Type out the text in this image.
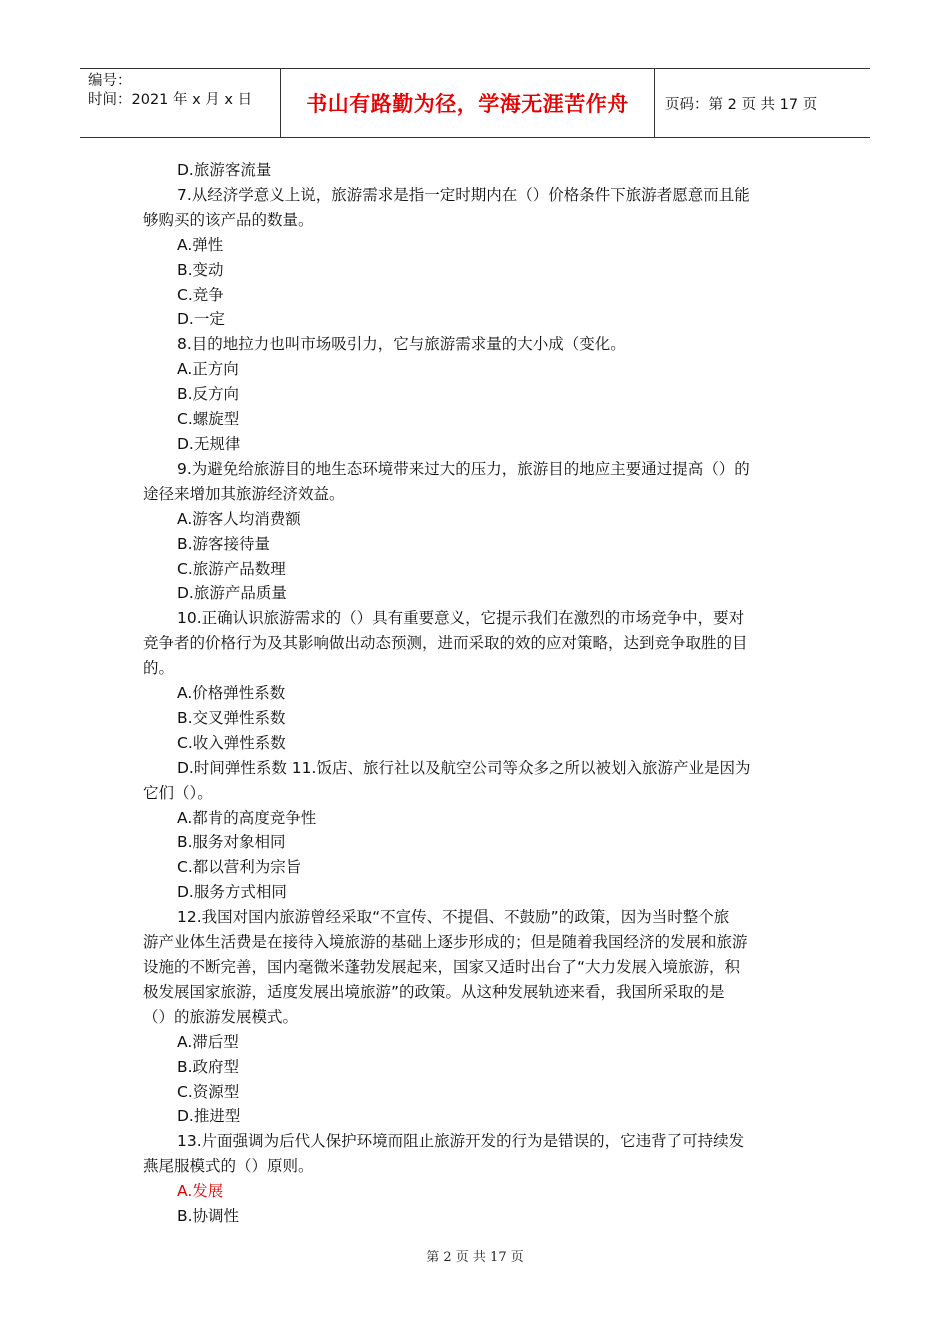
编号：
时间：2021 年 x 月 x 日	书山有路勤为径，学海无涯苦作舟	页码：第 2 页 共 17 页

D.旅游客流量

7.从经济学意义上说，旅游需求是指一定时期内在（）价格条件下旅游者愿意而且能

够购买的该产品的数量。

A.弹性

B.变动

C.竞争

D.一定

8.目的地拉力也叫市场吸引力，它与旅游需求量的大小成（变化。

A.正方向

B.反方向

C.螺旋型

D.无规律

9.为避免给旅游目的地生态环境带来过大的压力，旅游目的地应主要通过提高（）的

途径来增加其旅游经济效益。

A.游客人均消费额

B.游客接待量

C.旅游产品数理

D.旅游产品质量

10.正确认识旅游需求的（）具有重要意义，它提示我们在激烈的市场竞争中，要对

竞争者的价格行为及其影响做出动态预测，进而采取的效的应对策略，达到竞争取胜的目

的。

A.价格弹性系数

B.交叉弹性系数

C.收入弹性系数

D.时间弹性系数 11.饭店、旅行社以及航空公司等众多之所以被划入旅游产业是因为

它们（）。

A.都肯的高度竞争性

B.服务对象相同

C.都以营利为宗旨

D.服务方式相同

12.我国对国内旅游曾经采取“不宣传、不提倡、不鼓励”的政策，因为当时整个旅

游产业体生活费是在接待入境旅游的基础上逐步形成的；但是随着我国经济的发展和旅游

设施的不断完善，国内毫微米蓬勃发展起来，国家又适时出台了“大力发展入境旅游，积

极发展国家旅游，适度发展出境旅游”的政策。从这种发展轨迹来看，我国所采取的是

（）的旅游发展模式。

A.滞后型

B.政府型

C.资源型

D.推进型

13.片面强调为后代人保护环境而阻止旅游开发的行为是错误的，它违背了可持续发

燕尾服模式的（）原则。

A.发展

B.协调性

第 2 页 共 17 页
